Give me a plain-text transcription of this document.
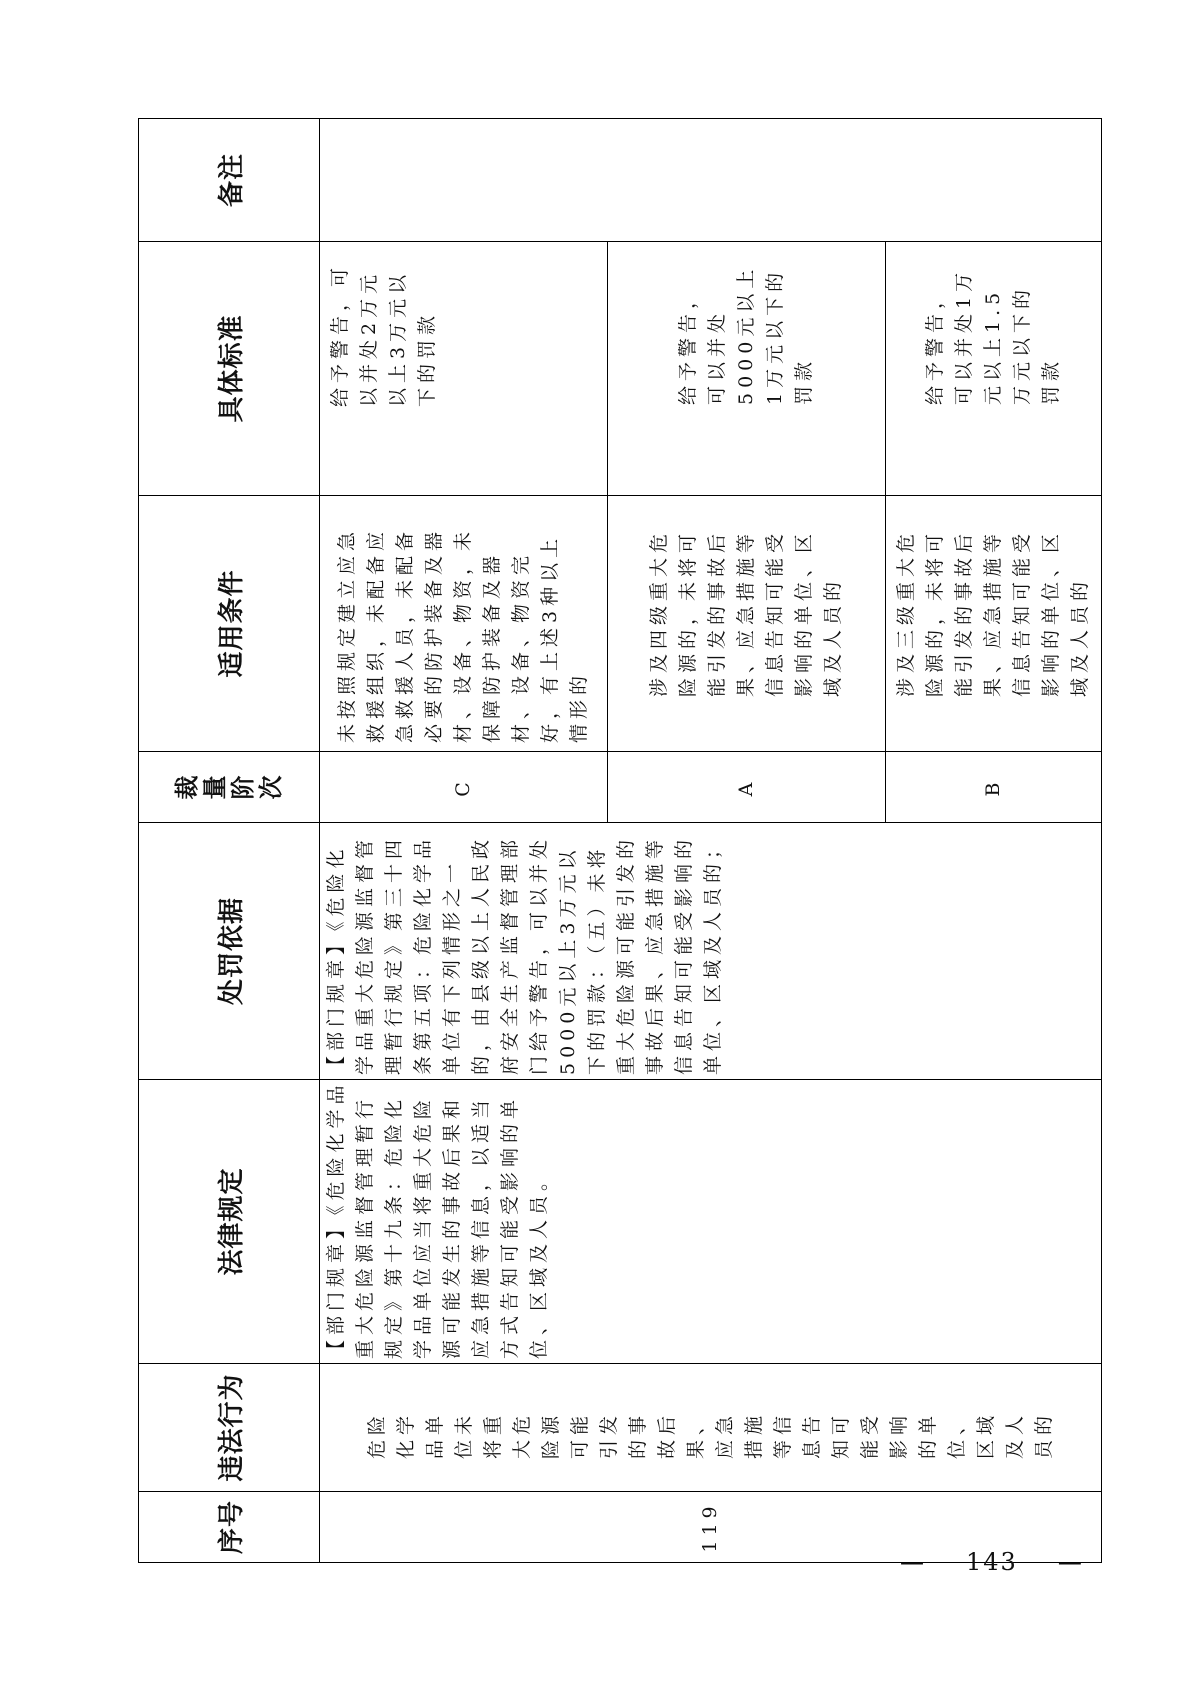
序号	违法行为	法律规定	处罚依据	裁量阶次	适用条件	具体标准	备注
119	危险化学品单位未将重大危险源可能引发的事故后果、应急措施等信息告知可能受影响的单位、区域及人员的	【部门规章】《危险化学品重大危险源监督管理暂行规定》第十九条：危险化学品单位应当将重大危险源可能发生的事故后果和应急措施等信息，以适当方式告知可能受影响的单位、区域及人员。	【部门规章】《危险化学品重大危险源监督管理暂行规定》第三十四条第五项：危险化学品单位有下列情形之一的，由县级以上人民政府安全生产监督管理部门给予警告，可以并处5000元以上3万元以下的罚款：（五）未将重大危险源可能引发的事故后果、应急措施等信息告知可能受影响的单位、区域及人员的；	C	未按照规定建立应急救援组织，未配备应急救援人员，未配备必要的防护装备及器材、设备、物资，未保障防护装备及器材、设备、物资完好，有上述3种以上情形的	给予警告，可以并处2万元以上3万元以下的罚款	
				A	涉及四级重大危险源的，未将可能引发的事故后果、应急措施等信息告知可能受影响的单位、区域及人员的	给予警告，可以并处5000元以上1万元以下的罚款	
				B	涉及三级重大危险源的，未将可能引发的事故后果、应急措施等信息告知可能受影响的单位、区域及人员的	给予警告，可以并处1万元以上1.5万元以下的罚款	
— 143 —
